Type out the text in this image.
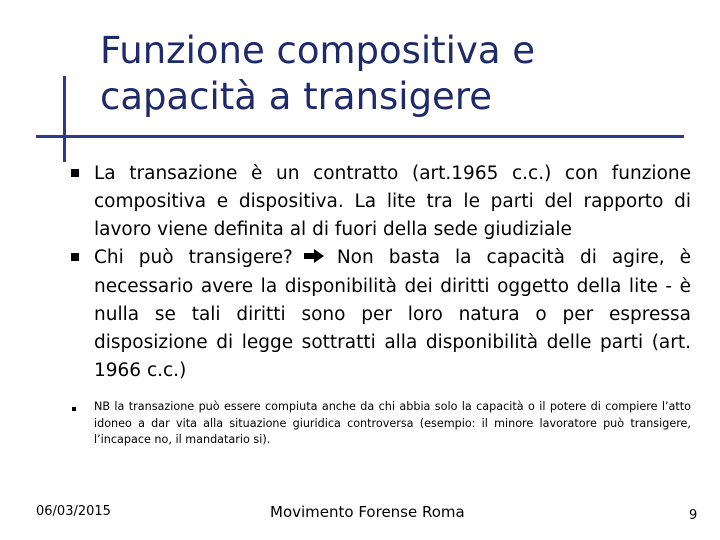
Funzione compositiva e
capacità a transigere
La transazione è un contratto (art.1965 c.c.) con funzione compositiva e dispositiva. La lite tra le parti del rapporto di lavoro viene definita al di fuori della sede giudiziale
Chi può transigere? Non basta la capacità di agire, è necessario avere la disponibilità dei diritti oggetto della lite - è nulla se tali diritti sono per loro natura o per espressa disposizione di legge sottratti alla disponibilità delle parti (art. 1966 c.c.)
NB la transazione può essere compiuta anche da chi abbia solo la capacità o il potere di compiere l’atto idoneo a dar vita alla situazione giuridica controversa (esempio: il minore lavoratore può transigere, l’incapace no, il mandatario si).
06/03/2015	Movimento Forense Roma	9
